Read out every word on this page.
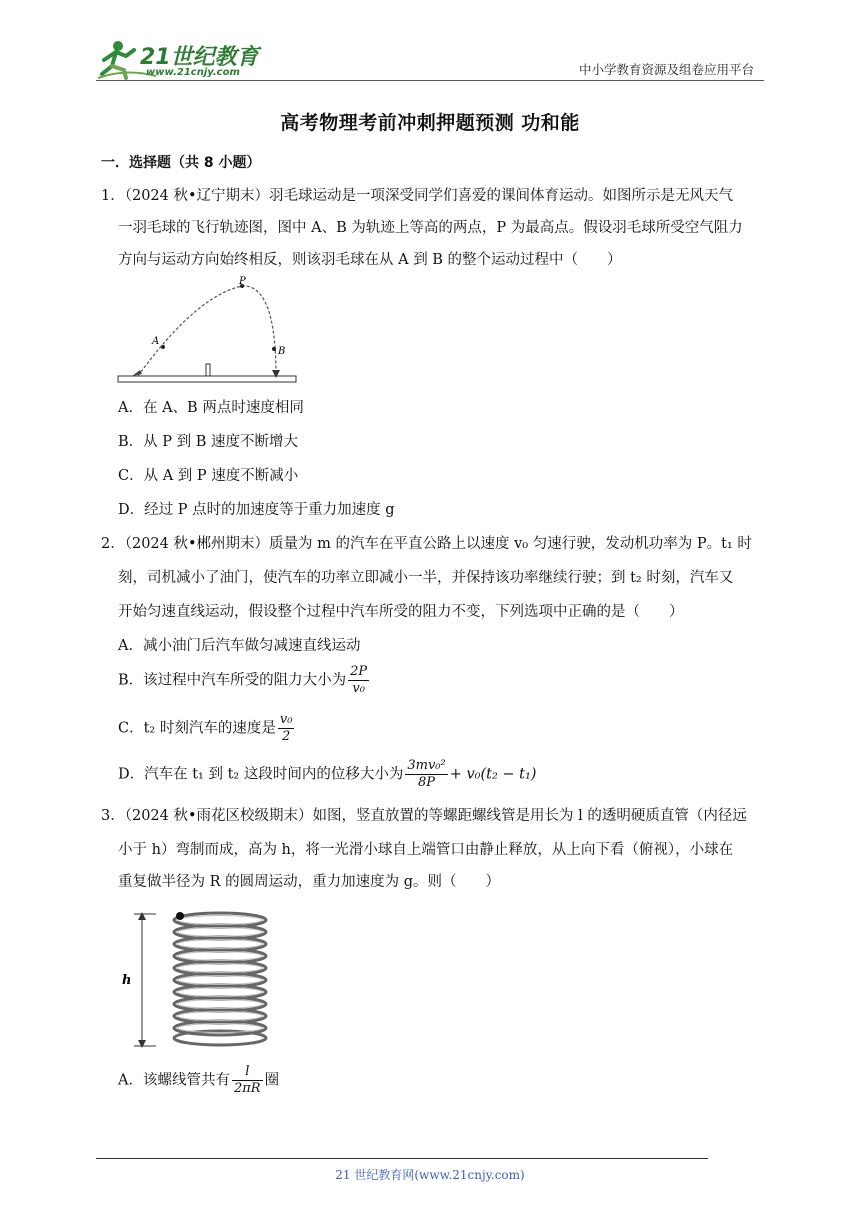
21世纪教育
www.21cnjy.com	中小学教育资源及组卷应用平台
高考物理考前冲刺押题预测 功和能
一．选择题（共 8 小题）
1．（2024 秋•辽宁期末）羽毛球运动是一项深受同学们喜爱的课间体育运动。如图所示是无风天气
一羽毛球的飞行轨迹图，图中 A、B 为轨迹上等高的两点，P 为最高点。假设羽毛球所受空气阻力
方向与运动方向始终相反，则该羽毛球在从 A 到 B 的整个运动过程中（　　）
P
A
B
A．在 A、B 两点时速度相同
B．从 P 到 B 速度不断增大
C．从 A 到 P 速度不断减小
D．经过 P 点时的加速度等于重力加速度 g
2．（2024 秋•郴州期末）质量为 m 的汽车在平直公路上以速度 v₀ 匀速行驶，发动机功率为 P。t₁ 时
刻，司机减小了油门，使汽车的功率立即减小一半，并保持该功率继续行驶；到 t₂ 时刻，汽车又
开始匀速直线运动，假设整个过程中汽车所受的阻力不变，下列选项中正确的是（　　）
A．减小油门后汽车做匀减速直线运动
B．该过程中汽车所受的阻力大小为 $\frac{2P}{\text{v₀}}$
C．t₂ 时刻汽车的速度是 $\frac{\text{v₀}}{2}$
D．汽车在 t₁ 到 t₂ 这段时间内的位移大小为 $\frac{\text{3mv₀²}}{8P} + v_0(t_2 - t_1)$
3．（2024 秋•雨花区校级期末）如图，竖直放置的等螺距螺线管是用长为 l 的透明硬质直管（内径远
小于 h）弯制而成，高为 h，将一光滑小球自上端管口由静止释放，从上向下看（俯视），小球在
重复做半径为 R 的圆周运动，重力加速度为 g。则（　　）
h
A．该螺线管共有 $\frac{l}{2\pi R}$ 圈
21 世纪教育网(www.21cnjy.com)
